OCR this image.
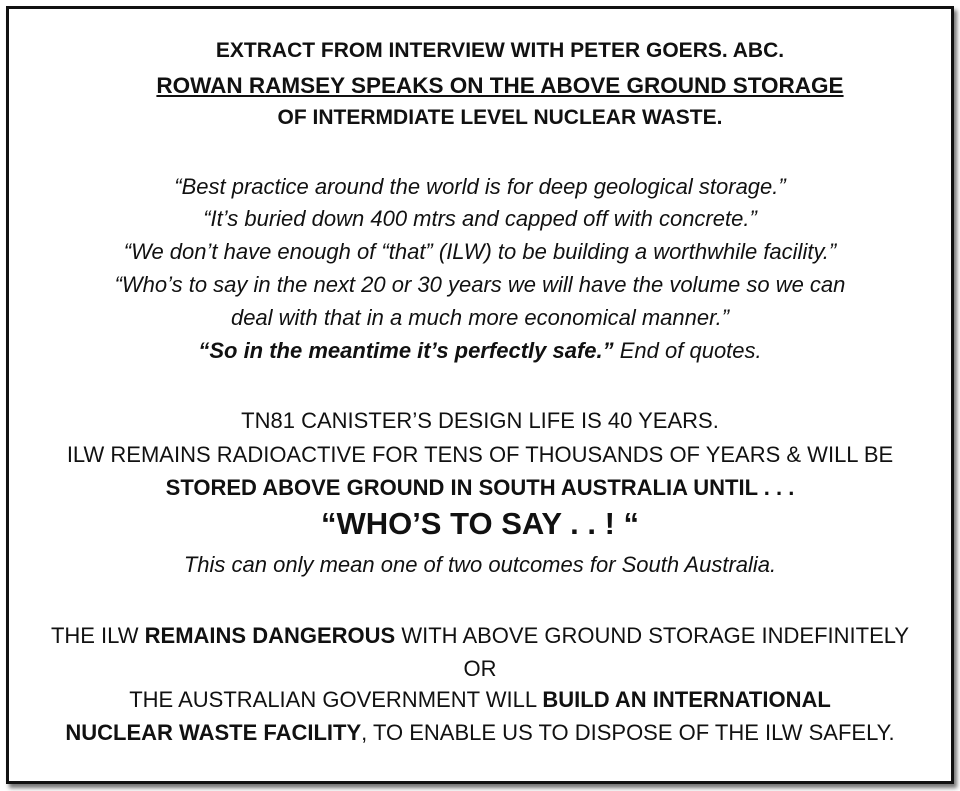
EXTRACT FROM INTERVIEW WITH PETER GOERS. ABC.
ROWAN RAMSEY SPEAKS ON THE ABOVE GROUND STORAGE
OF INTERMDIATE LEVEL NUCLEAR WASTE.
“Best practice around the world is for deep geological storage.”
“It’s buried down 400 mtrs and capped off with concrete.”
“We don’t have enough of “that” (ILW) to be building a worthwhile facility.”
“Who’s to say in the next 20 or 30 years we will have the volume so we can
deal with that in a much more economical manner.”
“So in the meantime it’s perfectly safe.” End of quotes.
TN81 CANISTER’S DESIGN LIFE IS 40 YEARS.
ILW REMAINS RADIOACTIVE FOR TENS OF THOUSANDS OF YEARS & WILL BE
STORED ABOVE GROUND IN SOUTH AUSTRALIA UNTIL . . .
“WHO’S TO SAY . . ! “
This can only mean one of two outcomes for South Australia.
THE ILW REMAINS DANGEROUS WITH ABOVE GROUND STORAGE INDEFINITELY
OR
THE AUSTRALIAN GOVERNMENT WILL BUILD AN INTERNATIONAL
NUCLEAR WASTE FACILITY, TO ENABLE US TO DISPOSE OF THE ILW SAFELY.
